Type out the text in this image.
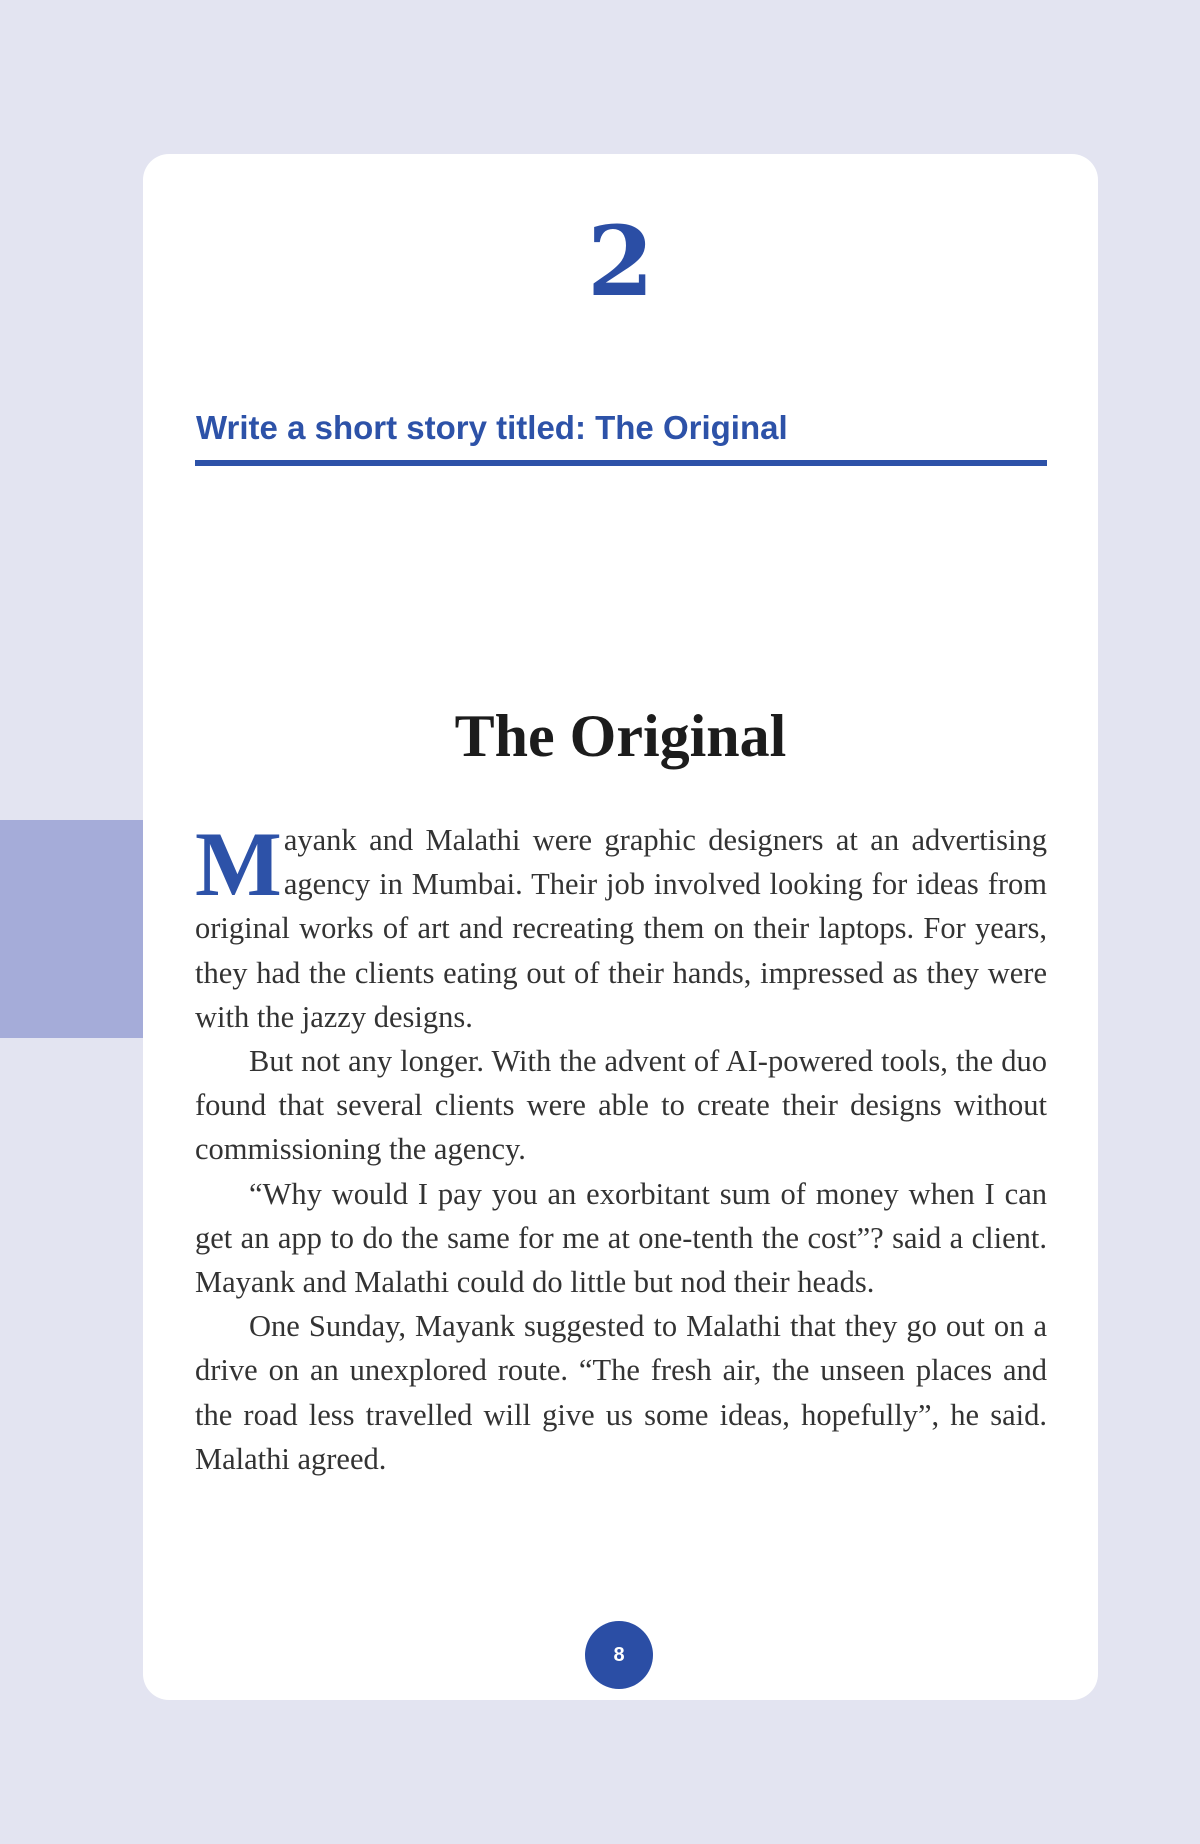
2
Write a short story titled: The Original
The Original

Mayank and Malathi were graphic designers at an advertising agency in Mumbai. Their job involved looking for ideas from original works of art and recreating them on their laptops. For years, they had the clients eating out of their hands, impressed as they were with the jazzy designs.

But not any longer. With the advent of AI-powered tools, the duo found that several clients were able to create their designs without commissioning the agency.

“Why would I pay you an exorbitant sum of money when I can get an app to do the same for me at one-tenth the cost”? said a client. Mayank and Malathi could do little but nod their heads.

One Sunday, Mayank suggested to Malathi that they go out on a drive on an unexplored route. “The fresh air, the unseen places and the road less travelled will give us some ideas, hopefully”, he said. Malathi agreed.

8
